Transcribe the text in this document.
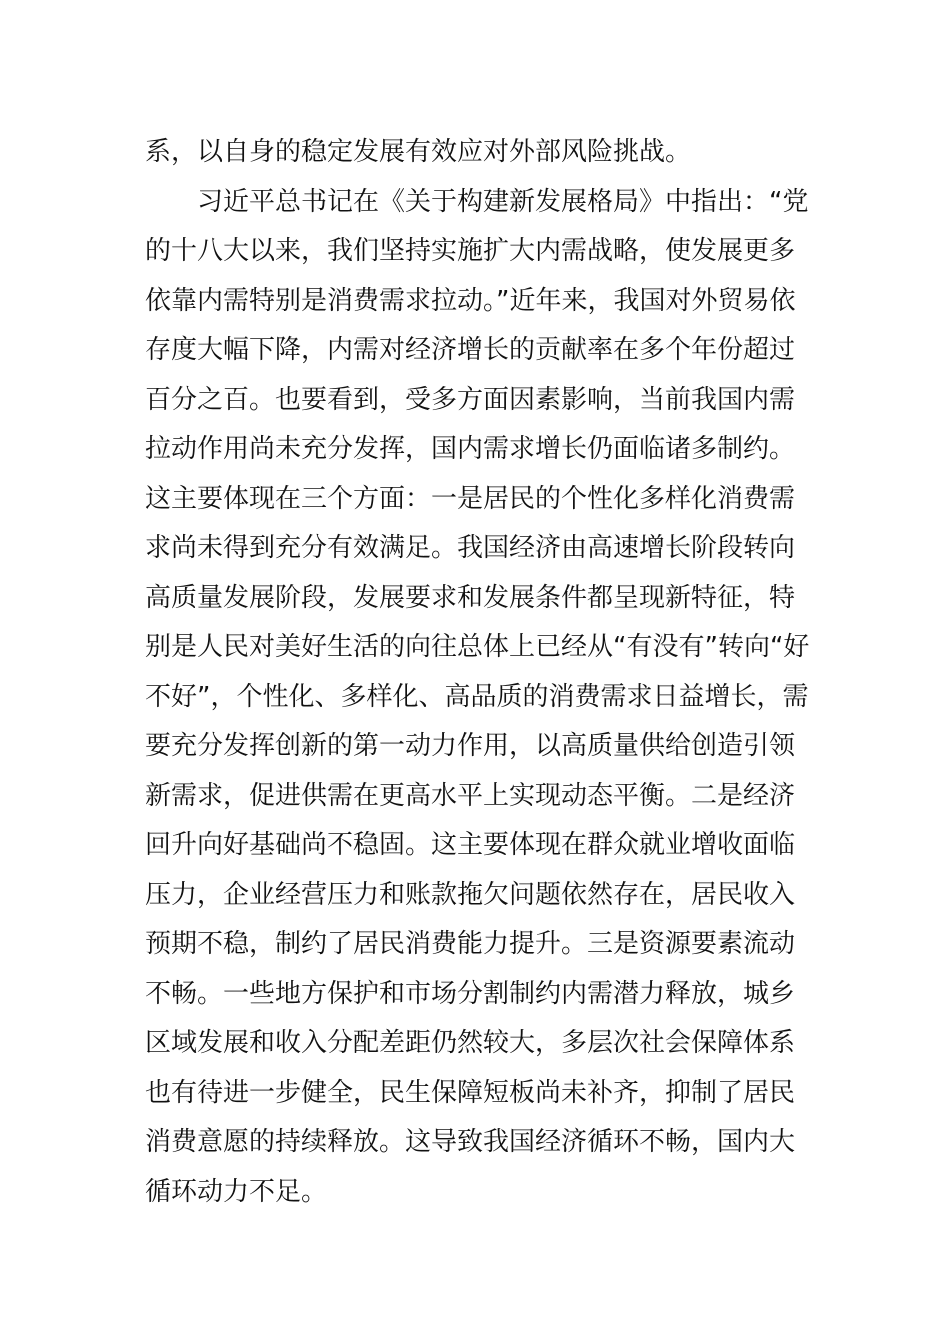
系，以自身的稳定发展有效应对外部风险挑战。
习近平总书记在《关于构建新发展格局》中指出：“党
的十八大以来，我们坚持实施扩大内需战略，使发展更多
依靠内需特别是消费需求拉动。”近年来，我国对外贸易依
存度大幅下降，内需对经济增长的贡献率在多个年份超过
百分之百。也要看到，受多方面因素影响，当前我国内需
拉动作用尚未充分发挥，国内需求增长仍面临诸多制约。
这主要体现在三个方面：一是居民的个性化多样化消费需
求尚未得到充分有效满足。我国经济由高速增长阶段转向
高质量发展阶段，发展要求和发展条件都呈现新特征，特
别是人民对美好生活的向往总体上已经从“有没有”转向“好
不好”，个性化、多样化、高品质的消费需求日益增长，需
要充分发挥创新的第一动力作用，以高质量供给创造引领
新需求，促进供需在更高水平上实现动态平衡。二是经济
回升向好基础尚不稳固。这主要体现在群众就业增收面临
压力，企业经营压力和账款拖欠问题依然存在，居民收入
预期不稳，制约了居民消费能力提升。三是资源要素流动
不畅。一些地方保护和市场分割制约内需潜力释放，城乡
区域发展和收入分配差距仍然较大，多层次社会保障体系
也有待进一步健全，民生保障短板尚未补齐，抑制了居民
消费意愿的持续释放。这导致我国经济循环不畅，国内大
循环动力不足。
